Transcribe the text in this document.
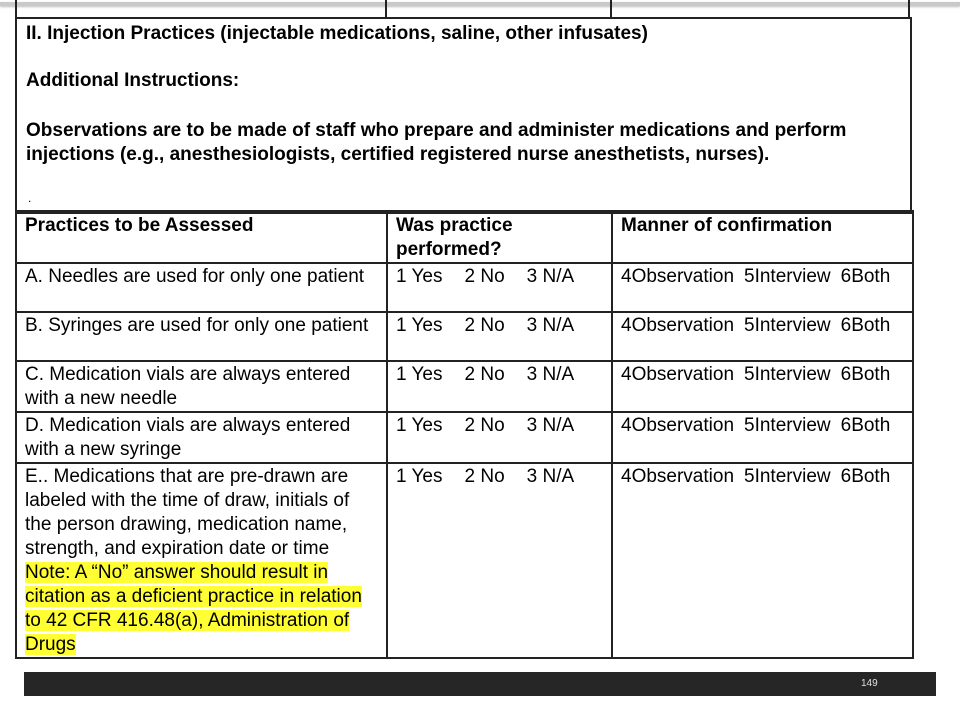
II. Injection Practices (injectable medications, saline, other infusates)
Additional Instructions:
Observations are to be made of staff who prepare and administer medications and perform injections (e.g., anesthesiologists, certified registered nurse anesthetists, nurses).
.
Practices to be Assessed	Was practice performed?	Manner of confirmation
A. Needles are used for only one patient	1 Yes 2 No 3 N/A	4Observation 5Interview 6Both
B. Syringes are used for only one patient	1 Yes 2 No 3 N/A	4Observation 5Interview 6Both
C. Medication vials are always entered with a new needle	1 Yes 2 No 3 N/A	4Observation 5Interview 6Both
D. Medication vials are always entered with a new syringe	1 Yes 2 No 3 N/A	4Observation 5Interview 6Both
E.. Medications that are pre-drawn are labeled with the time of draw, initials of the person drawing, medication name, strength, and expiration date or time
Note: A “No” answer should result in citation as a deficient practice in relation to 42 CFR 416.48(a), Administration of Drugs	1 Yes 2 No 3 N/A	4Observation 5Interview 6Both
149
